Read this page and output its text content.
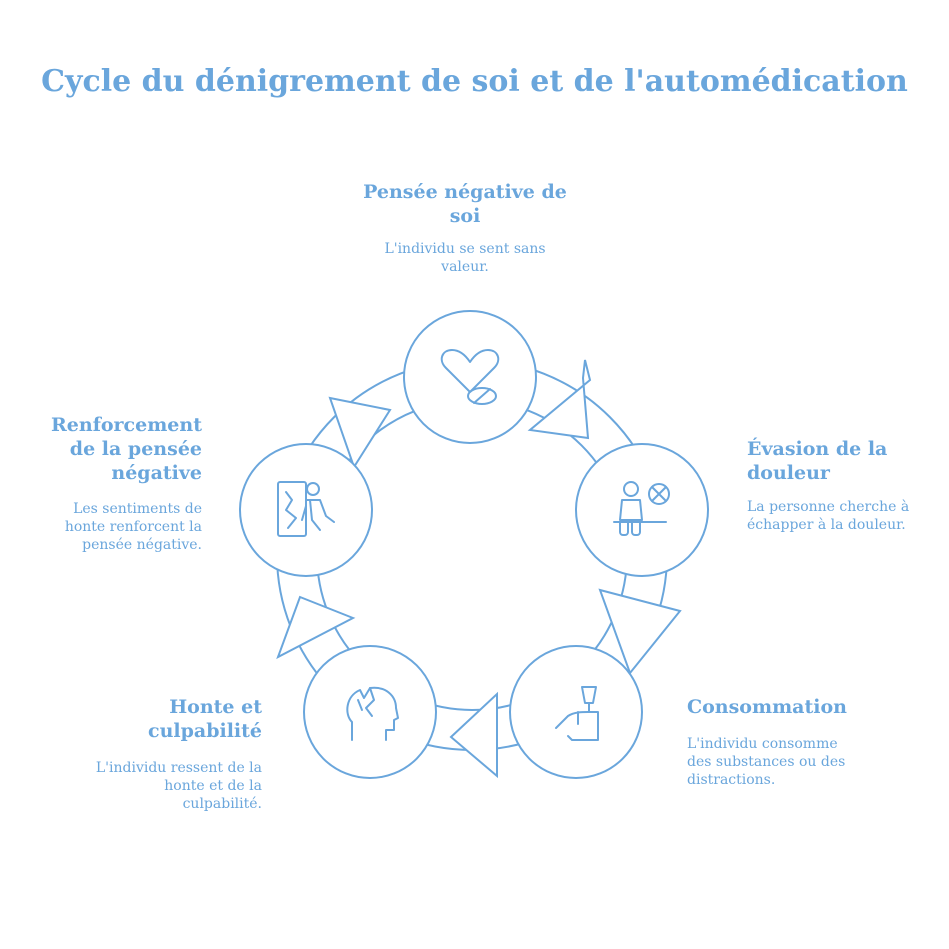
Cycle du dénigrement de soi et de l'automédication
Pensée négative de soi
L'individu se sent sans valeur.
Évasion de la douleur
La personne cherche à échapper à la douleur.
Consommation
L'individu consomme des substances ou des distractions.
Honte et culpabilité
L'individu ressent de la honte et de la culpabilité.
Renforcement de la pensée négative
Les sentiments de honte renforcent la pensée négative.
